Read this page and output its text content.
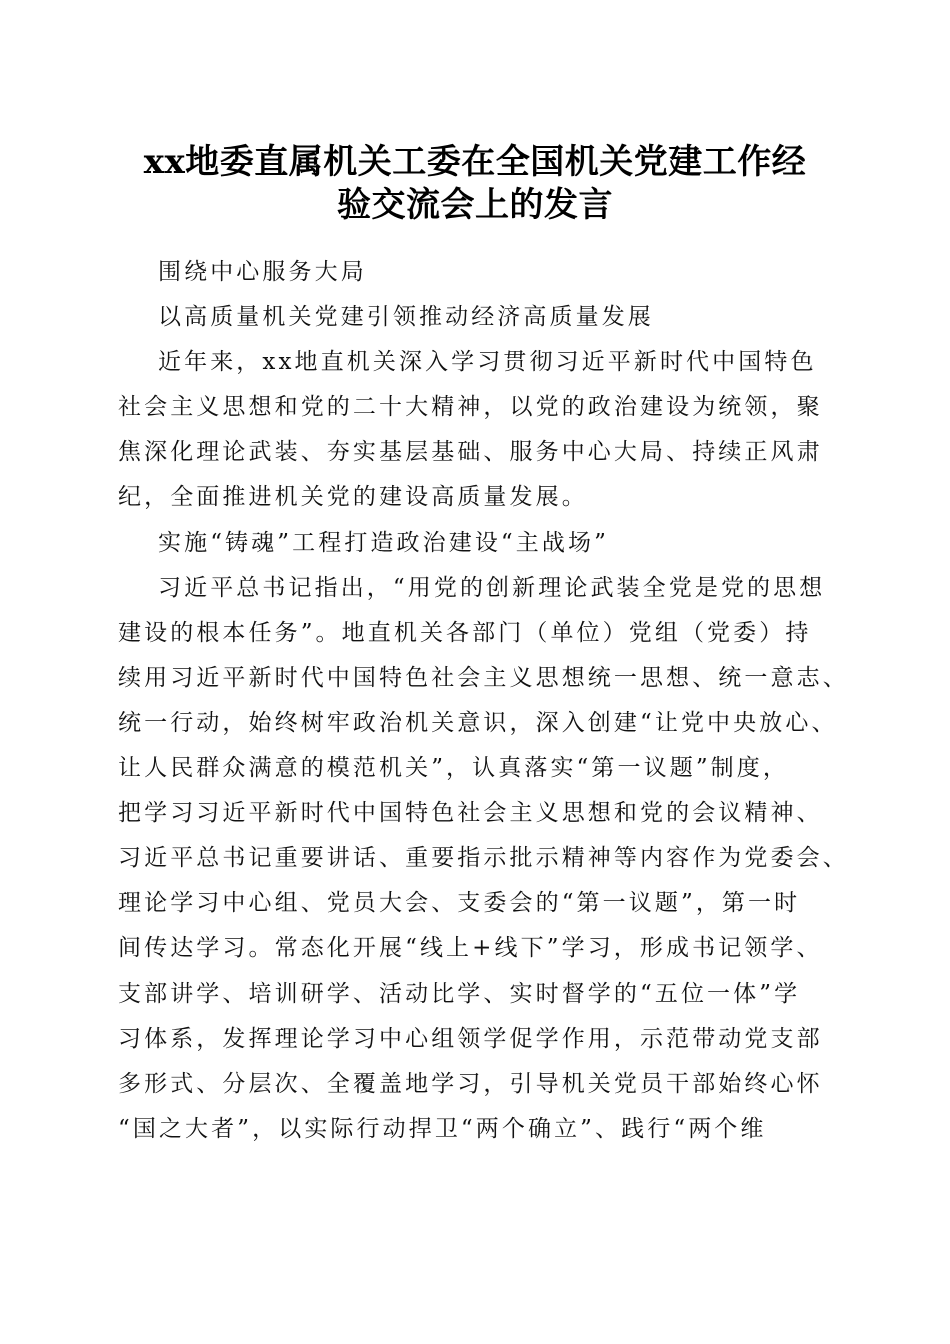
xx地委直属机关工委在全国机关党建工作经
验交流会上的发言
围绕中心服务大局
以高质量机关党建引领推动经济高质量发展
近年来，xx地直机关深入学习贯彻习近平新时代中国特色
社会主义思想和党的二十大精神，以党的政治建设为统领，聚
焦深化理论武装、夯实基层基础、服务中心大局、持续正风肃
纪，全面推进机关党的建设高质量发展。
实施“铸魂”工程打造政治建设“主战场”
习近平总书记指出，“用党的创新理论武装全党是党的思想
建设的根本任务”。地直机关各部门（单位）党组（党委）持
续用习近平新时代中国特色社会主义思想统一思想、统一意志、
统一行动，始终树牢政治机关意识，深入创建“让党中央放心、
让人民群众满意的模范机关”，认真落实“第一议题”制度，
把学习习近平新时代中国特色社会主义思想和党的会议精神、
习近平总书记重要讲话、重要指示批示精神等内容作为党委会、
理论学习中心组、党员大会、支委会的“第一议题”，第一时
间传达学习。常态化开展“线上+线下”学习，形成书记领学、
支部讲学、培训研学、活动比学、实时督学的“五位一体”学
习体系，发挥理论学习中心组领学促学作用，示范带动党支部
多形式、分层次、全覆盖地学习，引导机关党员干部始终心怀
“国之大者”，以实际行动捍卫“两个确立”、践行“两个维
